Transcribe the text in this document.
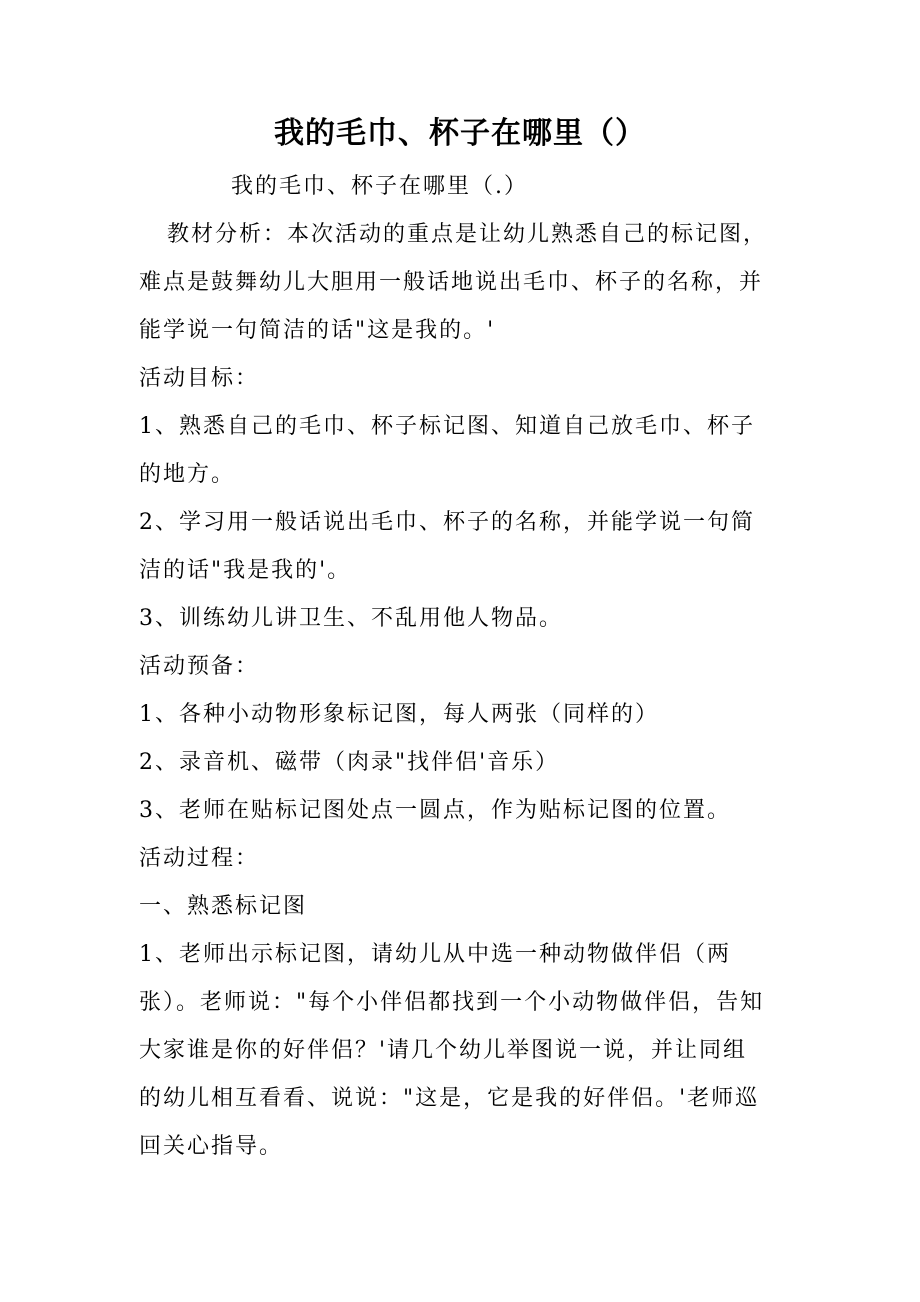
我的毛巾、杯子在哪里（）
我的毛巾、杯子在哪里（.）
教材分析：本次活动的重点是让幼儿熟悉自己的标记图，
难点是鼓舞幼儿大胆用一般话地说出毛巾、杯子的名称，并
能学说一句简洁的话"这是我的。'
活动目标：
1、熟悉自己的毛巾、杯子标记图、知道自己放毛巾、杯子
的地方。
2、学习用一般话说出毛巾、杯子的名称，并能学说一句简
洁的话"我是我的'。
3、训练幼儿讲卫生、不乱用他人物品。
活动预备：
1、各种小动物形象标记图，每人两张（同样的）
2、录音机、磁带（肉录"找伴侣'音乐）
3、老师在贴标记图处点一圆点，作为贴标记图的位置。
活动过程：
一、熟悉标记图
1、老师出示标记图，请幼儿从中选一种动物做伴侣（两
张）。老师说："每个小伴侣都找到一个小动物做伴侣，告知
大家谁是你的好伴侣？'请几个幼儿举图说一说，并让同组
的幼儿相互看看、说说："这是，它是我的好伴侣。'老师巡
回关心指导。
